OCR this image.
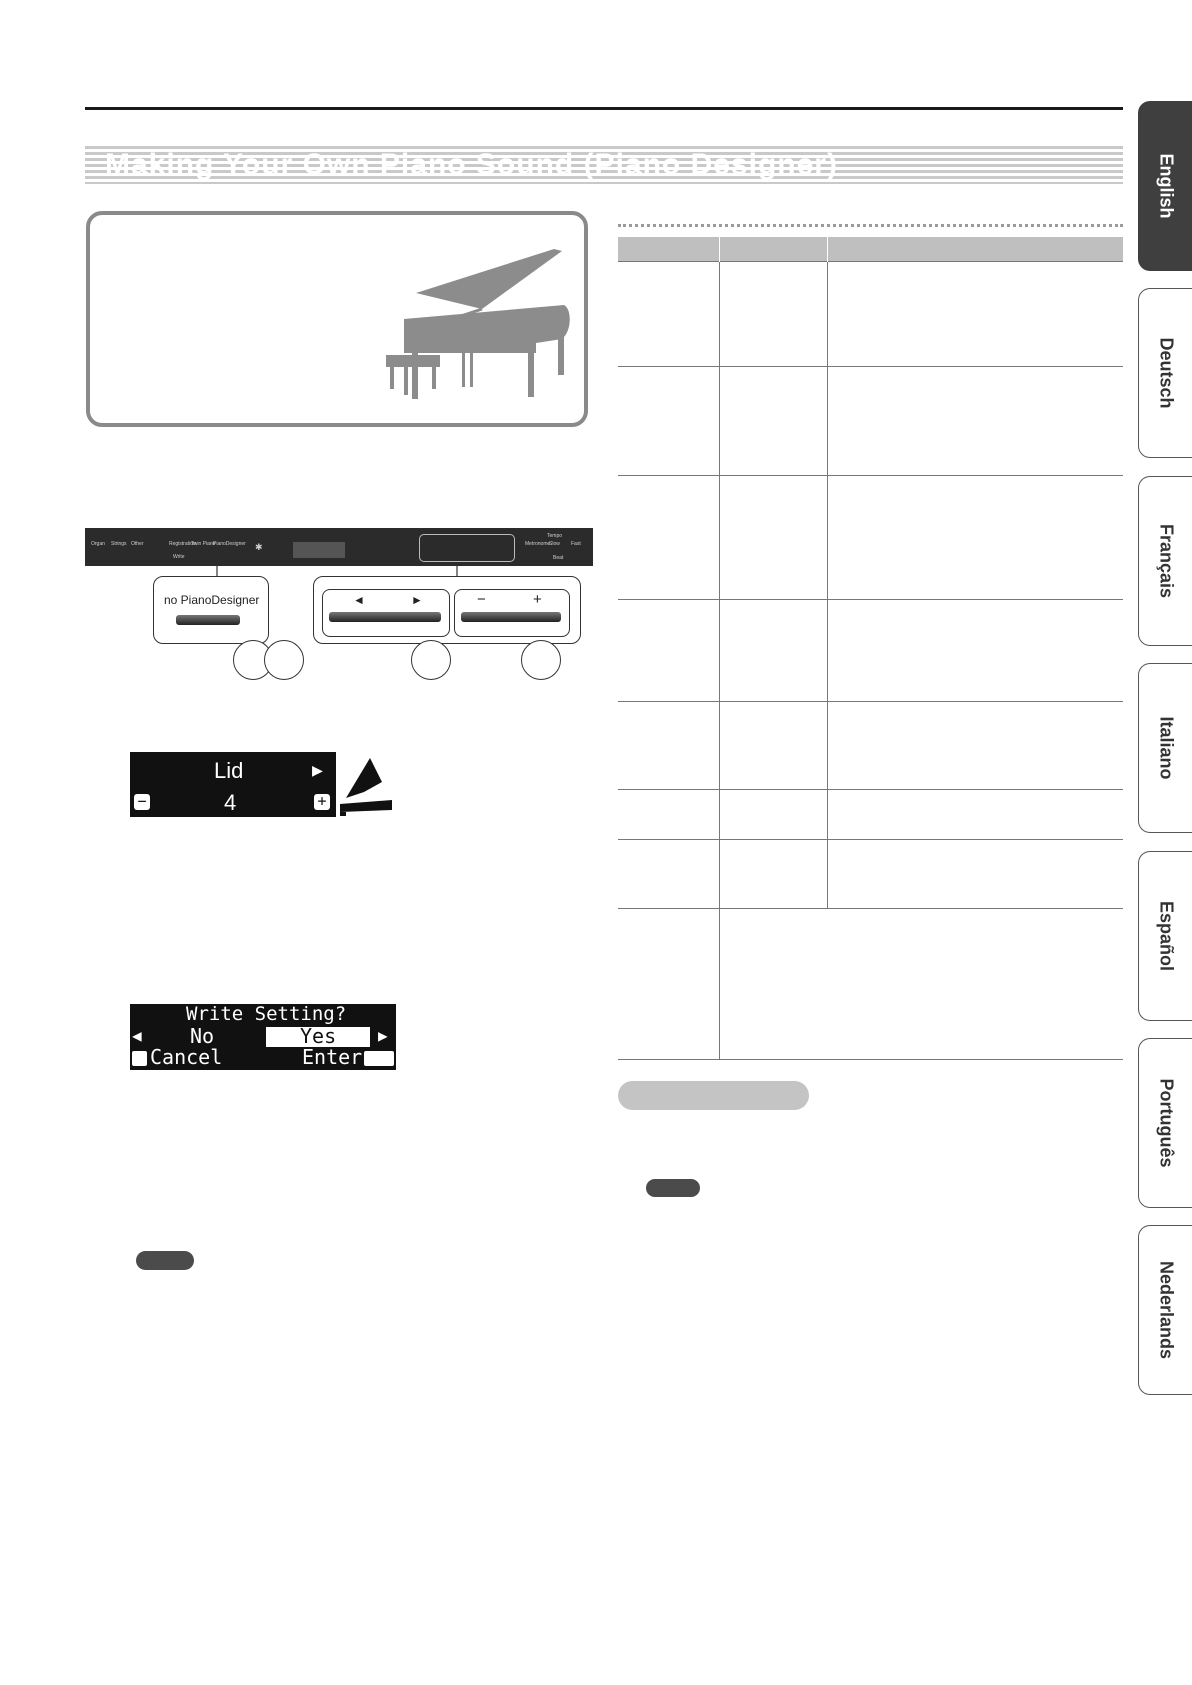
Making Your Own Piano Sound (Piano Designer)
Organ Strings Other	Registration
Twin Piano
PianoDesigner
Write
✱	Metronome
Tempo
Slow Fast
Beat
no PianoDesigner	◄	►	−	+
Lid	▶
−	4	+
Write Setting?
◀ No	Yes	▶
Cancel	Enter

English
Deutsch
Français
Italiano
Español
Português
Nederlands
